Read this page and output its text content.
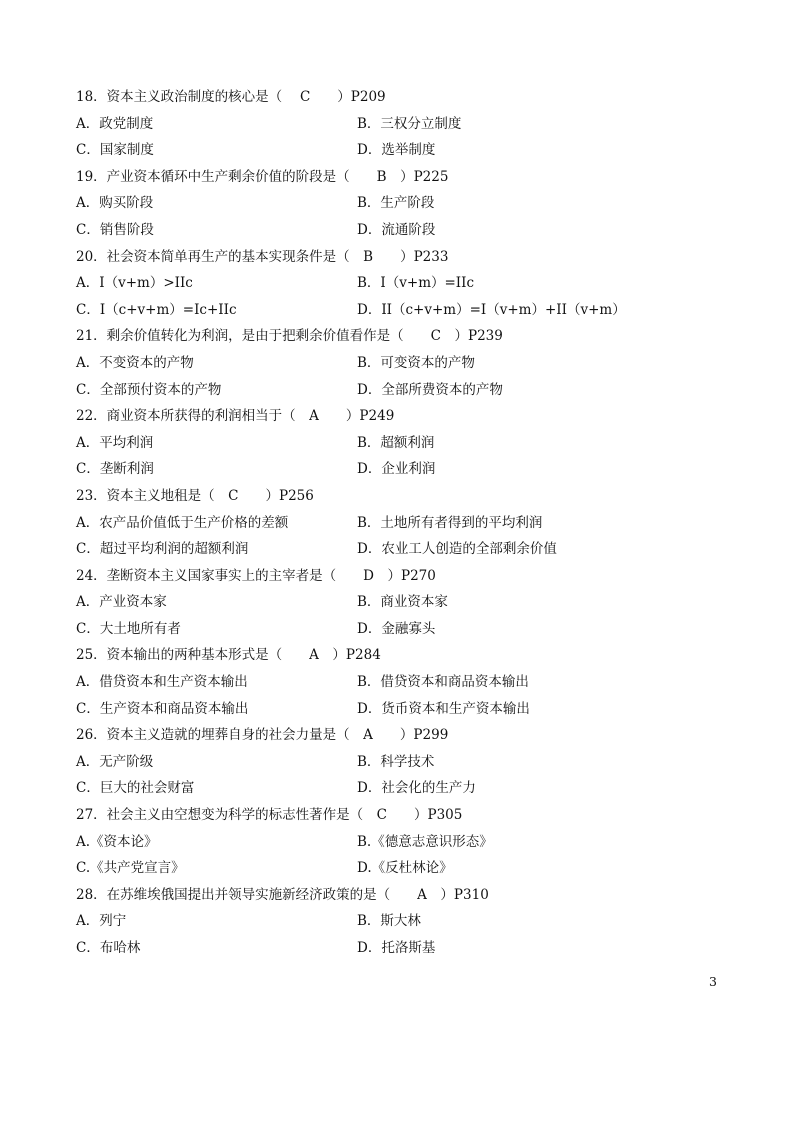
18．资本主义政治制度的核心是（　 C　　）P209
A．政党制度	B．三权分立制度
C．国家制度	D．选举制度
19．产业资本循环中生产剩余价值的阶段是（　　B　）P225
A．购买阶段	B．生产阶段
C．销售阶段	D．流通阶段
20．社会资本简单再生产的基本实现条件是（　B　　）P233
A．I（v+m）>IIc	B．I（v+m）=IIc
C．I（c+v+m）=Ic+IIc	D．II（c+v+m）=I（v+m）+II（v+m）
21．剩余价值转化为利润，是由于把剩余价值看作是（　　C　）P239
A．不变资本的产物	B．可变资本的产物
C．全部预付资本的产物	D．全部所费资本的产物
22．商业资本所获得的利润相当于（　A　　）P249
A．平均利润	B．超额利润
C．垄断利润	D．企业利润
23．资本主义地租是（　C　　）P256
A．农产品价值低于生产价格的差额	B．土地所有者得到的平均利润
C．超过平均利润的超额利润	D．农业工人创造的全部剩余价值
24．垄断资本主义国家事实上的主宰者是（　　D　）P270
A．产业资本家	B．商业资本家
C．大土地所有者	D．金融寡头
25．资本输出的两种基本形式是（　　A　）P284
A．借贷资本和生产资本输出	B．借贷资本和商品资本输出
C．生产资本和商品资本输出	D．货币资本和生产资本输出
26．资本主义造就的埋葬自身的社会力量是（　A　　）P299
A．无产阶级	B．科学技术
C．巨大的社会财富	D．社会化的生产力
27．社会主义由空想变为科学的标志性著作是（　C　　）P305
A.《资本论》	B.《德意志意识形态》
C.《共产党宣言》	D.《反杜林论》
28．在苏维埃俄国提出并领导实施新经济政策的是（　　A　）P310
A．列宁	B．斯大林
C．布哈林	D．托洛斯基
3
